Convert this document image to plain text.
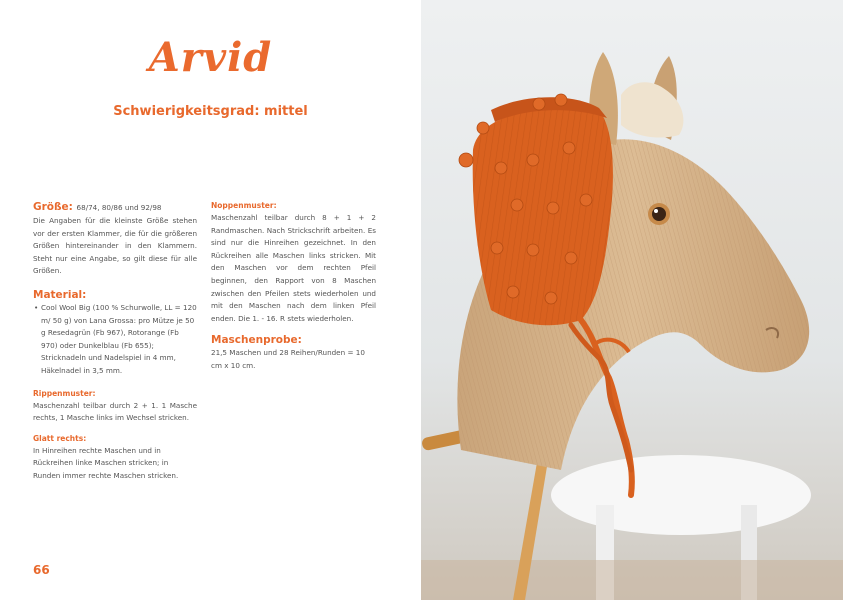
Arvid
Schwierigkeitsgrad: mittel
Größe: 68/74, 80/86 und 92/98

Die Angaben für die kleinste Größe stehen vor der ersten Klammer, die für die größeren Größen hintereinander in den Klammern. Steht nur eine Angabe, so gilt diese für alle Größen.

Material:
• Cool Wool Big (100 % Schurwolle, LL = 120 m/ 50 g) von Lana Grossa: pro Mütze je 50 g Resedagrün (Fb 967), Rotorange (Fb 970) oder Dunkelblau (Fb 655); Stricknadeln und Nadelspiel in 4 mm, Häkelnadel in 3,5 mm.
Rippenmuster:

Maschenzahl teilbar durch 2 + 1. 1 Masche rechts, 1 Masche links im Wechsel stricken.

Glatt rechts:

In Hinreihen rechte Maschen und in Rückreihen linke Maschen stricken; in Runden immer rechte Maschen stricken.

Noppenmuster:

Maschenzahl teilbar durch 8 + 1 + 2 Randmaschen. Nach Strickschrift arbeiten. Es sind nur die Hinreihen gezeichnet. In den Rückreihen alle Maschen links stricken. Mit den Maschen vor dem rechten Pfeil beginnen, den Rapport von 8 Maschen zwischen den Pfeilen stets wiederholen und mit den Maschen nach dem linken Pfeil enden. Die 1. - 16. R stets wiederholen.

Maschenprobe:

21,5 Maschen und 28 Reihen/Runden = 10 cm x 10 cm.

66
